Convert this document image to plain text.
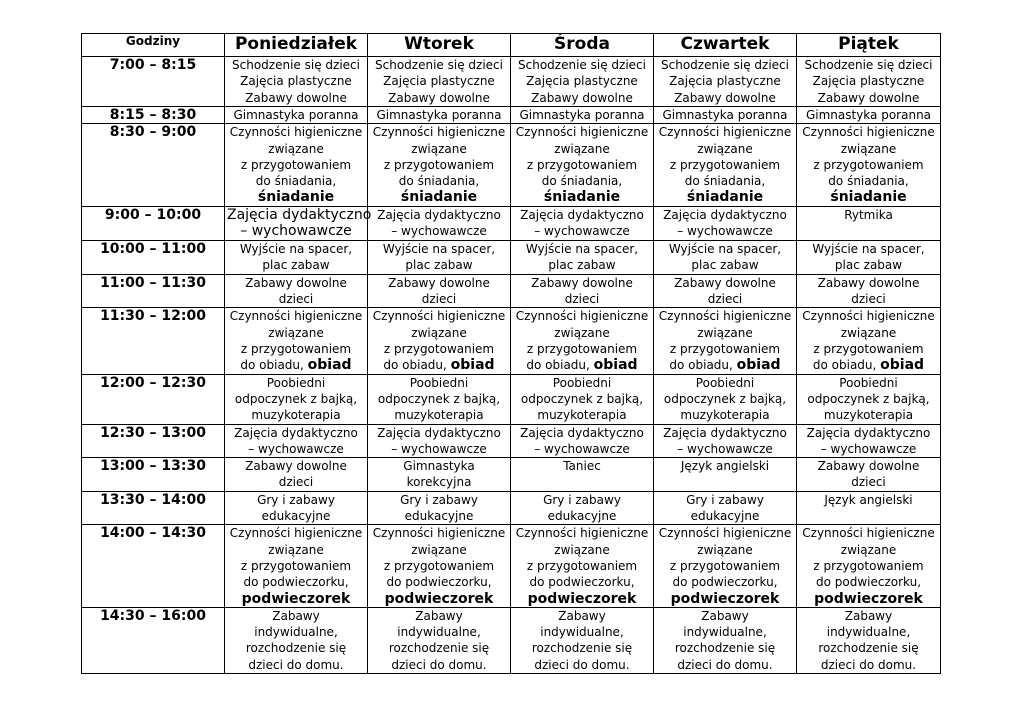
Godziny	Poniedziałek	Wtorek	Środa	Czwartek	Piątek
7:00 – 8:15	Schodzenie się dzieci
Zajęcia plastyczne
Zabawy dowolne	Schodzenie się dzieci
Zajęcia plastyczne
Zabawy dowolne	Schodzenie się dzieci
Zajęcia plastyczne
Zabawy dowolne	Schodzenie się dzieci
Zajęcia plastyczne
Zabawy dowolne	Schodzenie się dzieci
Zajęcia plastyczne
Zabawy dowolne

8:15 – 8:30	Gimnastyka poranna	Gimnastyka poranna	Gimnastyka poranna	Gimnastyka poranna	Gimnastyka poranna

8:30 – 9:00	Czynności higieniczne
związane
z przygotowaniem
do śniadania,
śniadanie	Czynności higieniczne
związane
z przygotowaniem
do śniadania,
śniadanie	Czynności higieniczne
związane
z przygotowaniem
do śniadania,
śniadanie	Czynności higieniczne
związane
z przygotowaniem
do śniadania,
śniadanie	Czynności higieniczne
związane
z przygotowaniem
do śniadania,
śniadanie

9:00 – 10:00	Zajęcia dydaktyczno
– wychowawcze	Zajęcia dydaktyczno
– wychowawcze	Zajęcia dydaktyczno
– wychowawcze	Zajęcia dydaktyczno
– wychowawcze	Rytmika

10:00 – 11:00	Wyjście na spacer,
plac zabaw	Wyjście na spacer,
plac zabaw	Wyjście na spacer,
plac zabaw	Wyjście na spacer,
plac zabaw	Wyjście na spacer,
plac zabaw

11:00 – 11:30	Zabawy dowolne
dzieci	Zabawy dowolne
dzieci	Zabawy dowolne
dzieci	Zabawy dowolne
dzieci	Zabawy dowolne
dzieci

11:30 – 12:00	Czynności higieniczne
związane
z przygotowaniem
do obiadu, obiad	Czynności higieniczne
związane
z przygotowaniem
do obiadu, obiad	Czynności higieniczne
związane
z przygotowaniem
do obiadu, obiad	Czynności higieniczne
związane
z przygotowaniem
do obiadu, obiad	Czynności higieniczne
związane
z przygotowaniem
do obiadu, obiad

12:00 – 12:30	Poobiedni
odpoczynek z bajką,
muzykoterapia	Poobiedni
odpoczynek z bajką,
muzykoterapia	Poobiedni
odpoczynek z bajką,
muzykoterapia	Poobiedni
odpoczynek z bajką,
muzykoterapia	Poobiedni
odpoczynek z bajką,
muzykoterapia

12:30 – 13:00	Zajęcia dydaktyczno
– wychowawcze	Zajęcia dydaktyczno
– wychowawcze	Zajęcia dydaktyczno
– wychowawcze	Zajęcia dydaktyczno
– wychowawcze	Zajęcia dydaktyczno
– wychowawcze

13:00 – 13:30	Zabawy dowolne
dzieci	Gimnastyka
korekcyjna	Taniec	Język angielski	Zabawy dowolne
dzieci

13:30 – 14:00	Gry i zabawy
edukacyjne	Gry i zabawy
edukacyjne	Gry i zabawy
edukacyjne	Gry i zabawy
edukacyjne	Język angielski

14:00 – 14:30	Czynności higieniczne
związane
z przygotowaniem
do podwieczorku,
podwieczorek	Czynności higieniczne
związane
z przygotowaniem
do podwieczorku,
podwieczorek	Czynności higieniczne
związane
z przygotowaniem
do podwieczorku,
podwieczorek	Czynności higieniczne
związane
z przygotowaniem
do podwieczorku,
podwieczorek	Czynności higieniczne
związane
z przygotowaniem
do podwieczorku,
podwieczorek

14:30 – 16:00	Zabawy
indywidualne,
rozchodzenie się
dzieci do domu.	Zabawy
indywidualne,
rozchodzenie się
dzieci do domu.	Zabawy
indywidualne,
rozchodzenie się
dzieci do domu.	Zabawy
indywidualne,
rozchodzenie się
dzieci do domu.	Zabawy
indywidualne,
rozchodzenie się
dzieci do domu.
